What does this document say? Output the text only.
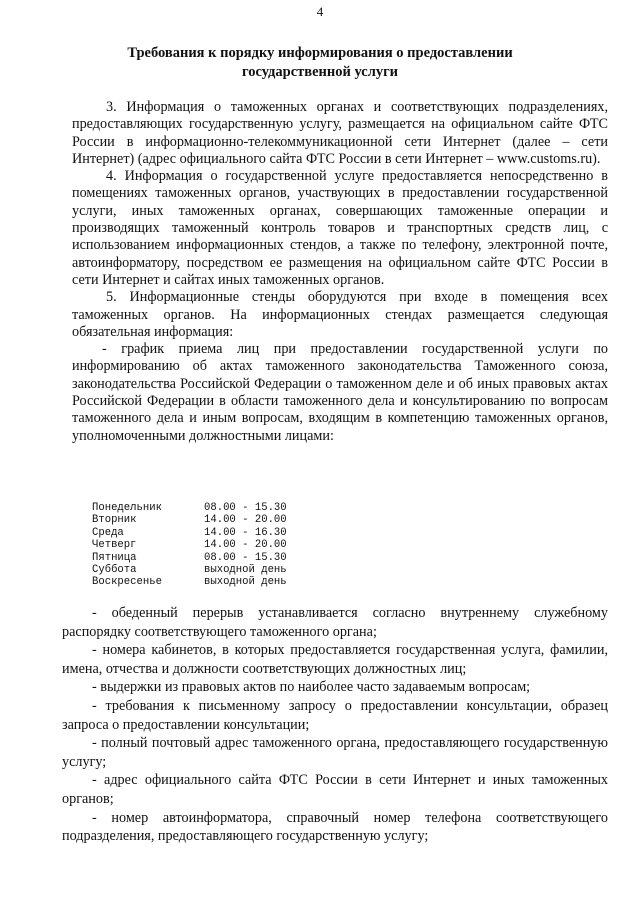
4
Требования к порядку информирования о предоставлении
государственной услуги

3. Информация о таможенных органах и соответствующих подразделениях, предоставляющих государственную услугу, размещается на официальном сайте ФТС России в информационно-телекоммуникационной сети Интернет (далее – сети Интернет) (адрес официального сайта ФТС России в сети Интернет – www.customs.ru).

4. Информация о государственной услуге предоставляется непосредственно в помещениях таможенных органов, участвующих в предоставлении государственной услуги, иных таможенных органах, совершающих таможенные операции и производящих таможенный контроль товаров и транспортных средств лиц, с использованием информационных стендов, а также по телефону, электронной почте, автоинформатору, посредством ее размещения на официальном сайте ФТС России в сети Интернет и сайтах иных таможенных органов.

5. Информационные стенды оборудуются при входе в помещения всех таможенных органов. На информационных стендах размещается следующая обязательная информация:

- график приема лиц при предоставлении государственной услуги по информированию об актах таможенного законодательства Таможенного союза, законодательства Российской Федерации о таможенном деле и об иных правовых актах Российской Федерации в области таможенного дела и консультированию по вопросам таможенного дела и иным вопросам, входящим в компетенцию таможенных органов, уполномоченными должностными лицами:

Понедельник	08.00 - 15.30
Вторник	14.00 - 20.00
Среда	14.00 - 16.30
Четверг	14.00 - 20.00
Пятница	08.00 - 15.30
Суббота	выходной день
Воскресенье	выходной день

- обеденный перерыв устанавливается согласно внутреннему служебному распорядку соответствующего таможенного органа;

- номера кабинетов, в которых предоставляется государственная услуга, фамилии, имена, отчества и должности соответствующих должностных лиц;

- выдержки из правовых актов по наиболее часто задаваемым вопросам;

- требования к письменному запросу о предоставлении консультации, образец запроса о предоставлении консультации;

- полный почтовый адрес таможенного органа, предоставляющего государственную услугу;

- адрес официального сайта ФТС России в сети Интернет и иных таможенных органов;

- номер автоинформатора, справочный номер телефона соответствующего подразделения, предоставляющего государственную услугу;
